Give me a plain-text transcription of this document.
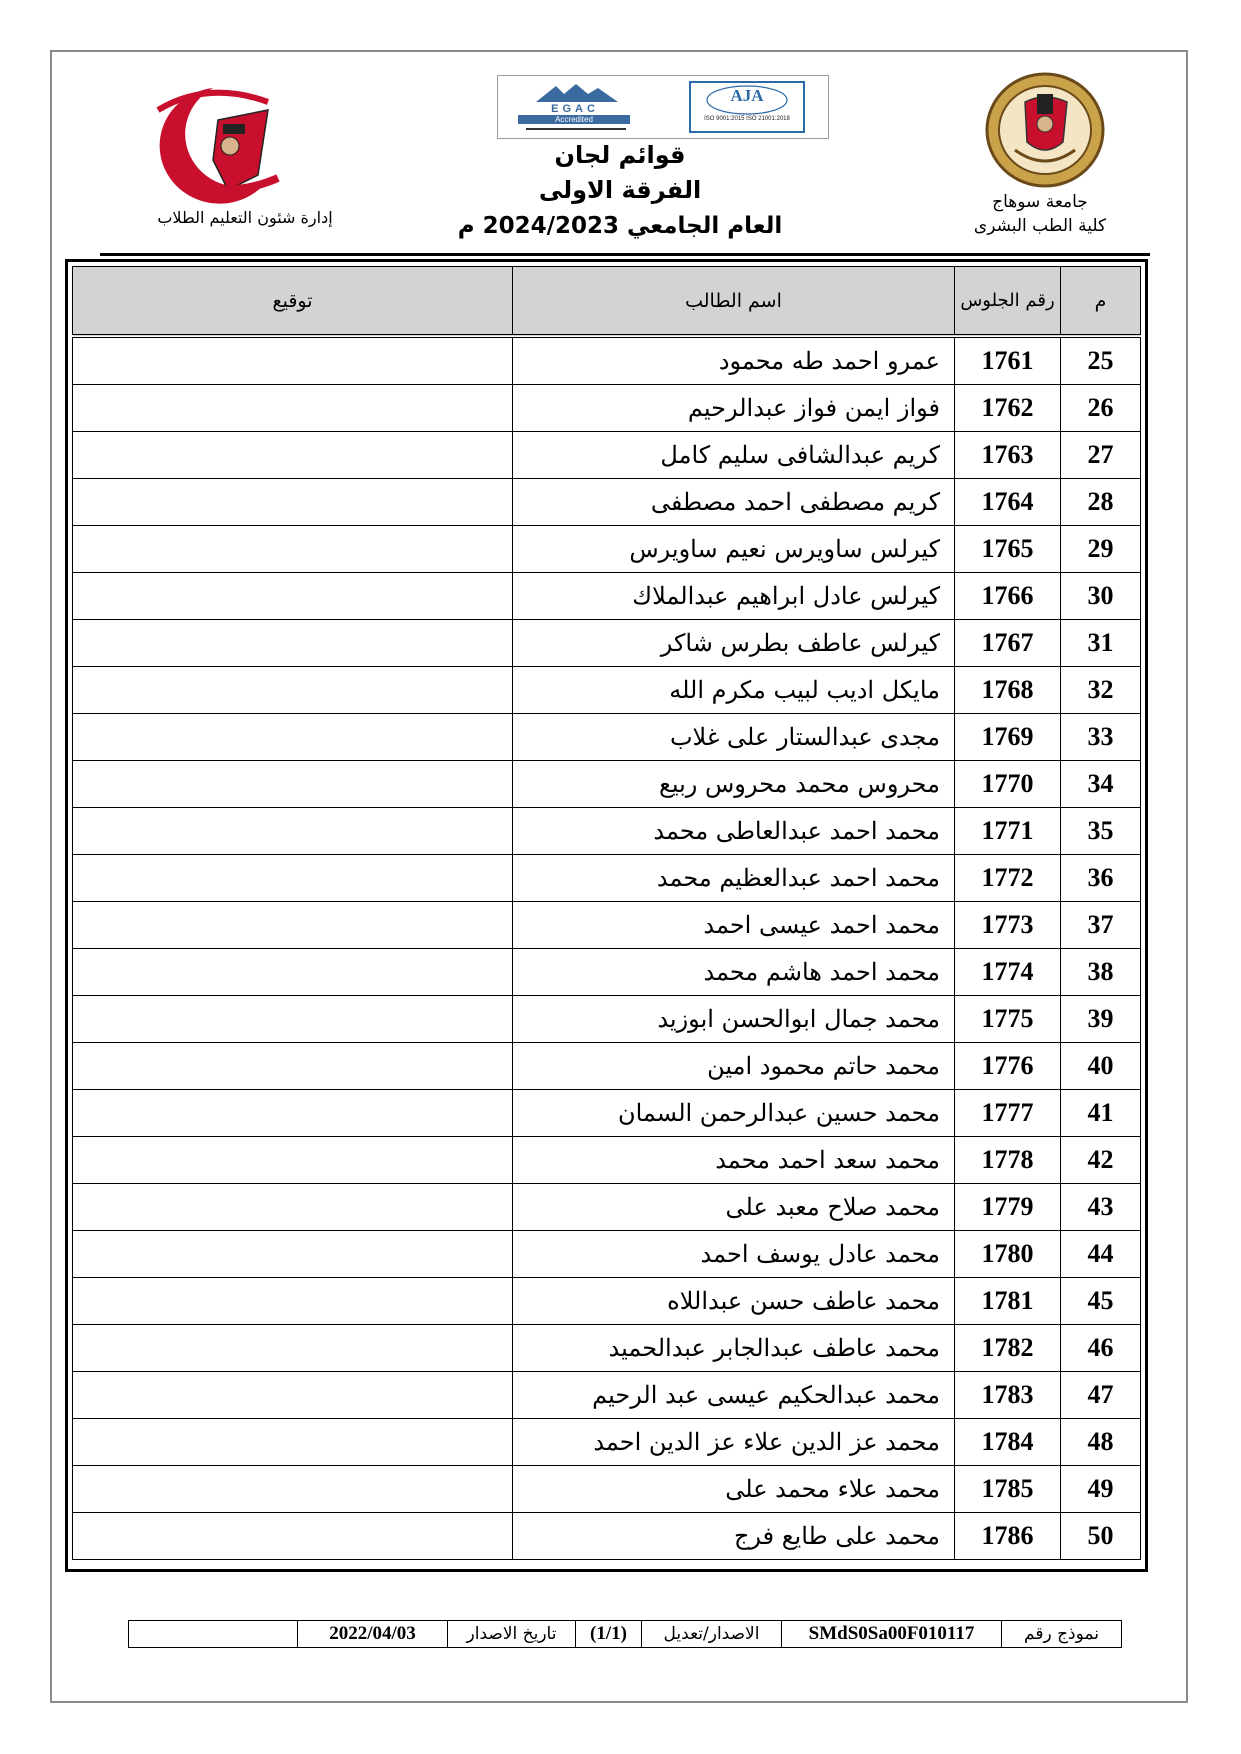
EGAC
Accredited
AJA
ISO 9001:2015 ISO 21001:2018
قوائم لجان
الفرقة الاولى
العام الجامعي 2024/2023 م
جامعة سوهاج
كلية الطب البشرى
إدارة شئون التعليم الطلاب
م	رقم الجلوس	اسم الطالب	توقيع
25	1761	عمرو احمد طه محمود	
26	1762	فواز ايمن فواز عبدالرحيم	
27	1763	كريم عبدالشافى سليم كامل	
28	1764	كريم مصطفى احمد مصطفى	
29	1765	كيرلس ساويرس نعيم ساويرس	
30	1766	كيرلس عادل ابراهيم عبدالملاك	
31	1767	كيرلس عاطف بطرس شاكر	
32	1768	مايكل اديب لبيب مكرم الله	
33	1769	مجدى عبدالستار على غلاب	
34	1770	محروس محمد محروس ربيع	
35	1771	محمد احمد عبدالعاطى محمد	
36	1772	محمد احمد عبدالعظيم محمد	
37	1773	محمد احمد عيسى احمد	
38	1774	محمد احمد هاشم محمد	
39	1775	محمد جمال ابوالحسن ابوزيد	
40	1776	محمد حاتم محمود امين	
41	1777	محمد حسين عبدالرحمن السمان	
42	1778	محمد سعد احمد محمد	
43	1779	محمد صلاح معبد على	
44	1780	محمد عادل يوسف احمد	
45	1781	محمد عاطف حسن عبداللاه	
46	1782	محمد عاطف عبدالجابر عبدالحميد	
47	1783	محمد عبدالحكيم عيسى عبد الرحيم	
48	1784	محمد عز الدين علاء عز الدين احمد	
49	1785	محمد علاء محمد على	
50	1786	محمد على طايع فرج	
نموذج رقم
SMdS0Sa00F010117
الاصدار/تعديل
(1/1)
تاريخ الاصدار
2022/04/03
